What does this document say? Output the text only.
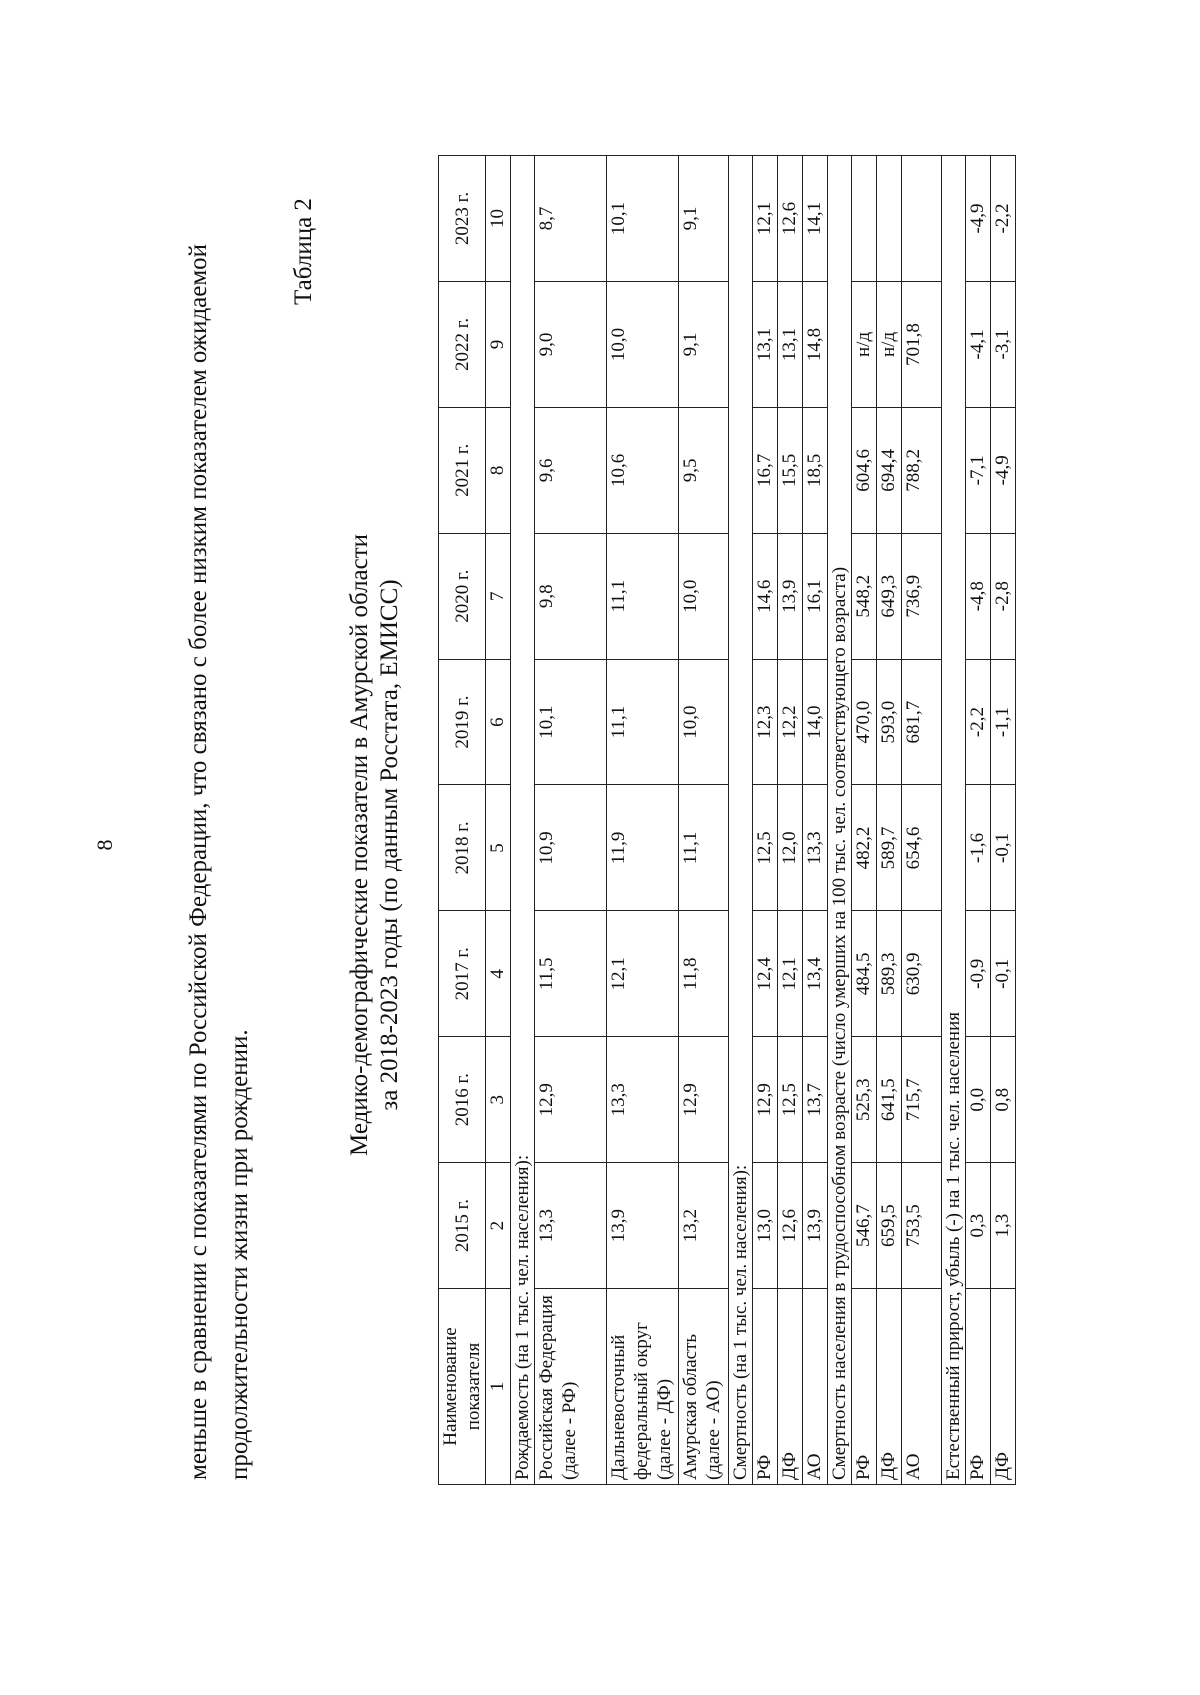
8	меньше в сравнении с показателями по Российской Федерации, что связано с более низким показателем ожидаемой продолжительности жизни при рождении.
Таблица 2
Медико-демографические показатели в Амурской области за 2018-2023 годы (по данным Росстата, ЕМИСС)
Наименование показателя	2015 г.	2016 г.	2017 г.	2018 г.	2019 г.	2020 г.	2021 г.	2022 г.	2023 г.
1	2	3	4	5	6	7	8	9	10
Рождаемость (на 1 тыс. чел. населения):									
Российская Федерация (далее - РФ)	13,3	12,9	11,5	10,9	10,1	9,8	9,6	9,0	8,7
Дальневосточный федеральный округ (далее - ДФ)	13,9	13,3	12,1	11,9	11,1	11,1	10,6	10,0	10,1
Амурская область (далее - АО)	13,2	12,9	11,8	11,1	10,0	10,0	9,5	9,1	9,1
Смертность (на 1 тыс. чел. населения):									
РФ	13,0	12,9	12,4	12,5	12,3	14,6	16,7	13,1	12,1
ДФ	12,6	12,5	12,1	12,0	12,2	13,9	15,5	13,1	12,6
АО	13,9	13,7	13,4	13,3	14,0	16,1	18,5	14,8	14,1
Смертность населения в трудоспособном возрасте (число умерших на 100 тыс. чел. соответствующего возраста)									
РФ	546,7	525,3	484,5	482,2	470,0	548,2	604,6	н/д	
ДФ	659,5	641,5	589,3	589,7	593,0	649,3	694,4	н/д	
АО	753,5	715,7	630,9	654,6	681,7	736,9	788,2	701,8	
Естественный прирост, убыль (-) на 1 тыс. чел. населения									
РФ	0,3	0,0	-0,9	-1,6	-2,2	-4,8	-7,1	-4,1	-4,9
ДФ	1,3	0,8	-0,1	-0,1	-1,1	-2,8	-4,9	-3,1	-2,2
